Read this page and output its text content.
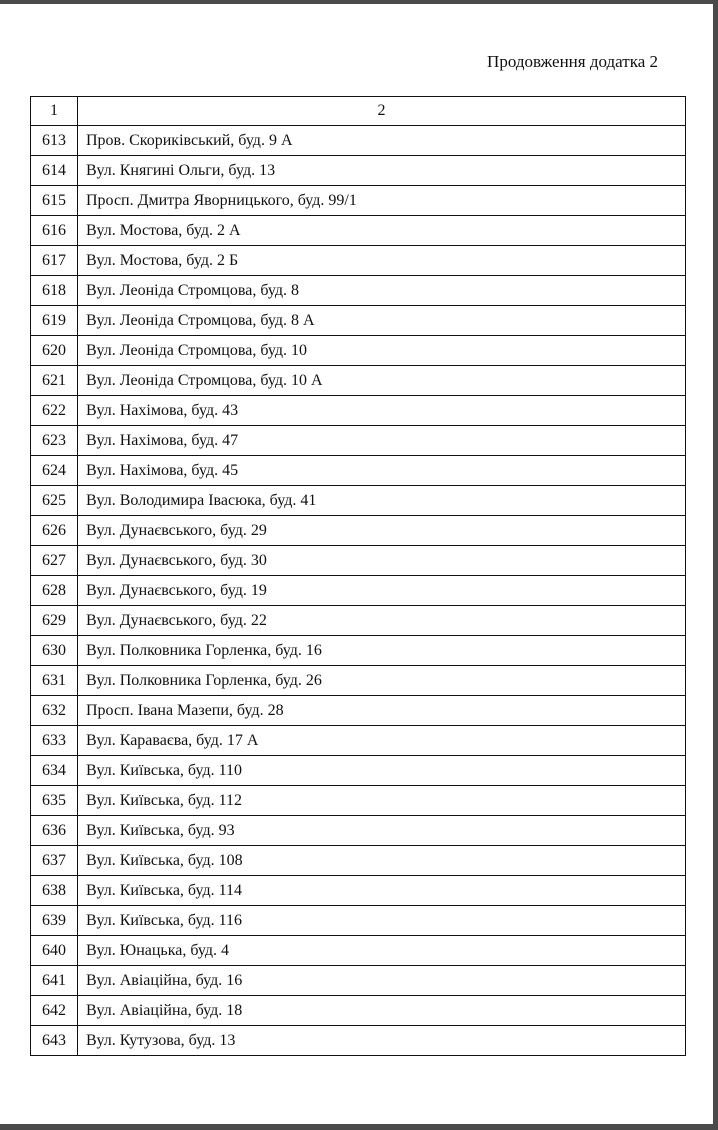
Продовження додатка 2
1	2
613	Пров. Скориківський, буд. 9 А
614	Вул. Княгині Ольги, буд. 13
615	Просп. Дмитра Яворницького, буд. 99/1
616	Вул. Мостова, буд. 2 А
617	Вул. Мостова, буд. 2 Б
618	Вул. Леоніда Стромцова, буд. 8
619	Вул. Леоніда Стромцова, буд. 8 А
620	Вул. Леоніда Стромцова, буд. 10
621	Вул. Леоніда Стромцова, буд. 10 А
622	Вул. Нахімова, буд. 43
623	Вул. Нахімова, буд. 47
624	Вул. Нахімова, буд. 45
625	Вул. Володимира Івасюка, буд. 41
626	Вул. Дунаєвського, буд. 29
627	Вул. Дунаєвського, буд. 30
628	Вул. Дунаєвського, буд. 19
629	Вул. Дунаєвського, буд. 22
630	Вул. Полковника Горленка, буд. 16
631	Вул. Полковника Горленка, буд. 26
632	Просп. Івана Мазепи, буд. 28
633	Вул. Караваєва, буд. 17 А
634	Вул. Київська, буд. 110
635	Вул. Київська, буд. 112
636	Вул. Київська, буд. 93
637	Вул. Київська, буд. 108
638	Вул. Київська, буд. 114
639	Вул. Київська, буд. 116
640	Вул. Юнацька, буд. 4
641	Вул. Авіаційна, буд. 16
642	Вул. Авіаційна, буд. 18
643	Вул. Кутузова, буд. 13
